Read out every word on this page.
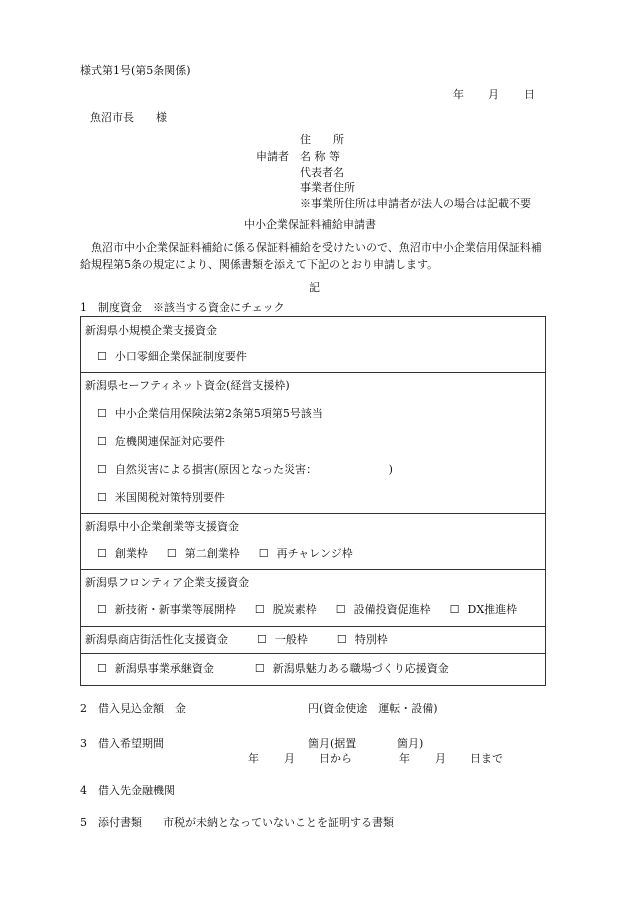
様式第1号(第5条関係)
年 月 日
魚沼市長　　様
申請者
住　　所
名 称 等
代表者名
事業者住所
※事業所住所は申請者が法人の場合は記載不要
中小企業保証料補給申請書
　魚沼市中小企業保証料補給に係る保証料補給を受けたいので、魚沼市中小企業信用保証料補給規程第5条の規定により、関係書類を添えて下記のとおり申請します。
記
1　制度資金　※該当する資金にチェック
新潟県小規模企業支援資金
☐ 小口零細企業保証制度要件
新潟県セーフティネット資金(経営支援枠)
☐ 中小企業信用保険法第2条第5項第5号該当
☐ 危機関連保証対応要件
☐ 自然災害による損害(原因となった災害：　　　　　　　)
☐ 米国関税対策特別要件
新潟県中小企業創業等支援資金
☐ 創業枠 ☐ 第二創業枠 ☐ 再チャレンジ枠
新潟県フロンティア企業支援資金
☐ 新技術・新事業等展開枠 ☐ 脱炭素枠 ☐ 設備投資促進枠 ☐ DX推進枠
新潟県商店街活性化支援資金	☐ 一般枠	☐ 特別枠
☐ 新潟県事業承継資金	☐ 新潟県魅力ある職場づくり応援資金
2　借入見込金額　金	円(資金使途　運転・設備)
3　借入希望期間	箇月(据置	箇月)
年 月 日から	年 月 日まで
4　借入先金融機関
5　添付書類 市税が未納となっていないことを証明する書類
